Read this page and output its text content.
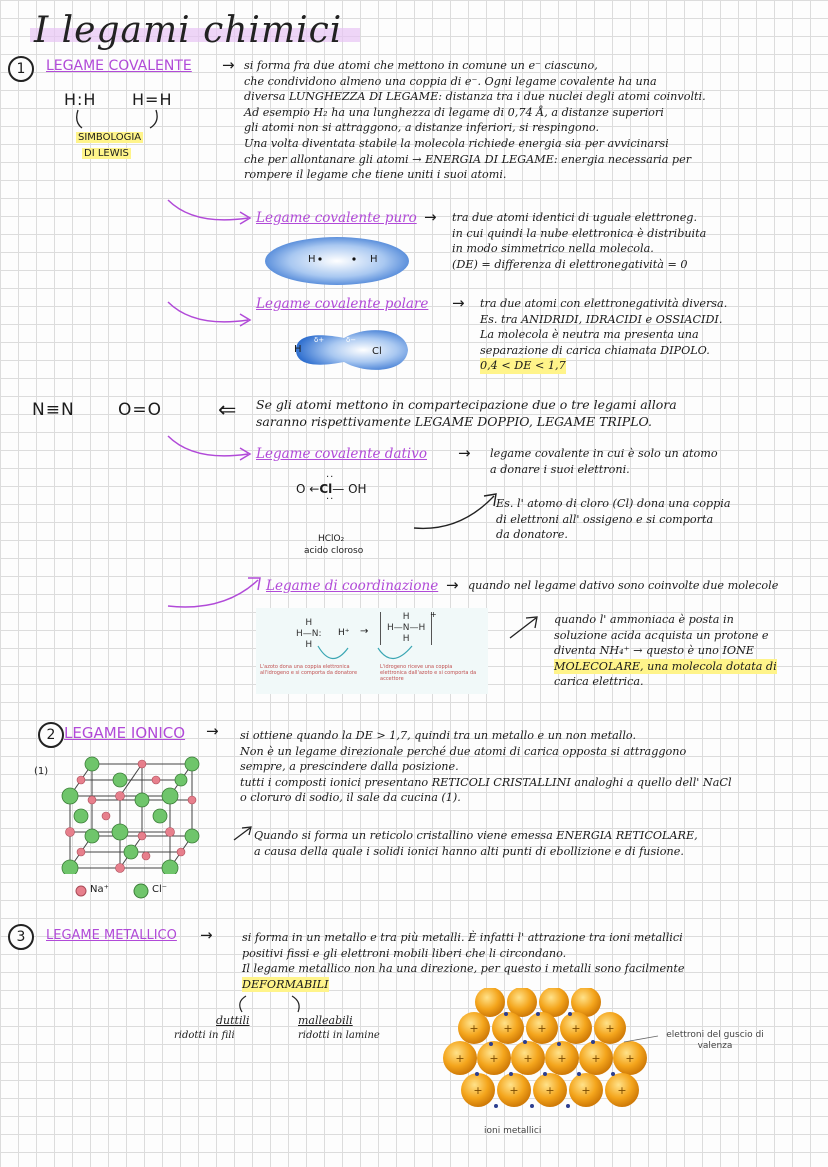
I legami chimici
1	LEGAME COVALENTE →
H:H H=H
SIMBOLOGIA
DI LEWIS
si forma fra due atomi che mettono in comune un e⁻ ciascuno,
che condividono almeno una coppia di e⁻. Ogni legame covalente ha una
diversa LUNGHEZZA DI LEGAME: distanza tra i due nuclei degli atomi coinvolti.
Ad esempio H₂ ha una lunghezza di legame di 0,74 Å, a distanze superiori
gli atomi non si attraggono, a distanze inferiori, si respingono.
Una volta diventata stabile la molecola richiede energia sia per avvicinarsi
che per allontanare gli atomi → ENERGIA DI LEGAME: energia necessaria per
rompere il legame che tiene uniti i suoi atomi.
Legame covalente puro → tra due atomi identici di uguale elettroneg.
in cui quindi la nube elettronica è distribuita
in modo simmetrico nella molecola.
(DE) = differenza di elettronegatività = 0
H	H
Legame covalente polare → tra due atomi con elettronegatività diversa.
Es. tra ANIDRIDI, IDRACIDI e OSSIACIDI.
La molecola è neutra ma presenta una
separazione di carica chiamata DIPOLO.
0,4 < DE < 1,7
H
δ+	δ−
Cl
N≡N	O=O	⇐ Se gli atomi mettono in compartecipazione due o tre legami allora
saranno rispettivamente LEGAME DOPPIO, LEGAME TRIPLO.
Legame covalente dativo → legame covalente in cui è solo un atomo
a donare i suoi elettroni.
O ←Cl— OH
··
··
HClO₂
acido cloroso
Es. l' atomo di cloro (Cl) dona una coppia
di elettroni all' ossigeno e si comporta
da donatore.
Legame di coordinazione → quando nel legame dativo sono coinvolte due molecole
H
H—N:
H
H⁺ →
H
H—N—H
H
+
L'azoto dona una coppia elettronica all'idrogeno e si comporta da donatore
L'idrogeno riceve una coppia elettronica dall'azoto e si comporta da accettore
quando l' ammoniaca è posta in
soluzione acida acquista un protone e
diventa NH₄⁺ → questo è uno IONE
MOLECOLARE, una molecola dotata di
carica elettrica.
2 LEGAME IONICO → si ottiene quando la DE > 1,7, quindi tra un metallo e un non metallo.
Non è un legame direzionale perché due atomi di carica opposta si attraggono
sempre, a prescindere dalla posizione.
tutti i composti ionici presentano RETICOLI CRISTALLINI analoghi a quello dell' NaCl
o cloruro di sodio, il sale da cucina (1).
Quando si forma un reticolo cristallino viene emessa ENERGIA RETICOLARE,
a causa della quale i solidi ionici hanno alti punti di ebollizione e di fusione.
(1)
Na⁺	Cl⁻
3	LEGAME METALLICO →	si forma in un metallo e tra più metalli. È infatti l' attrazione tra ioni metallici
positivi fissi e gli elettroni mobili liberi che li circondano.
Il legame metallico non ha una direzione, per questo i metalli sono facilmente
DEFORMABILI
duttili
ridotti in fili
malleabili
ridotti in lamine
+ + + + +
+ + + + + +
+ + + + +
elettroni del guscio di valenza
ioni metallici
